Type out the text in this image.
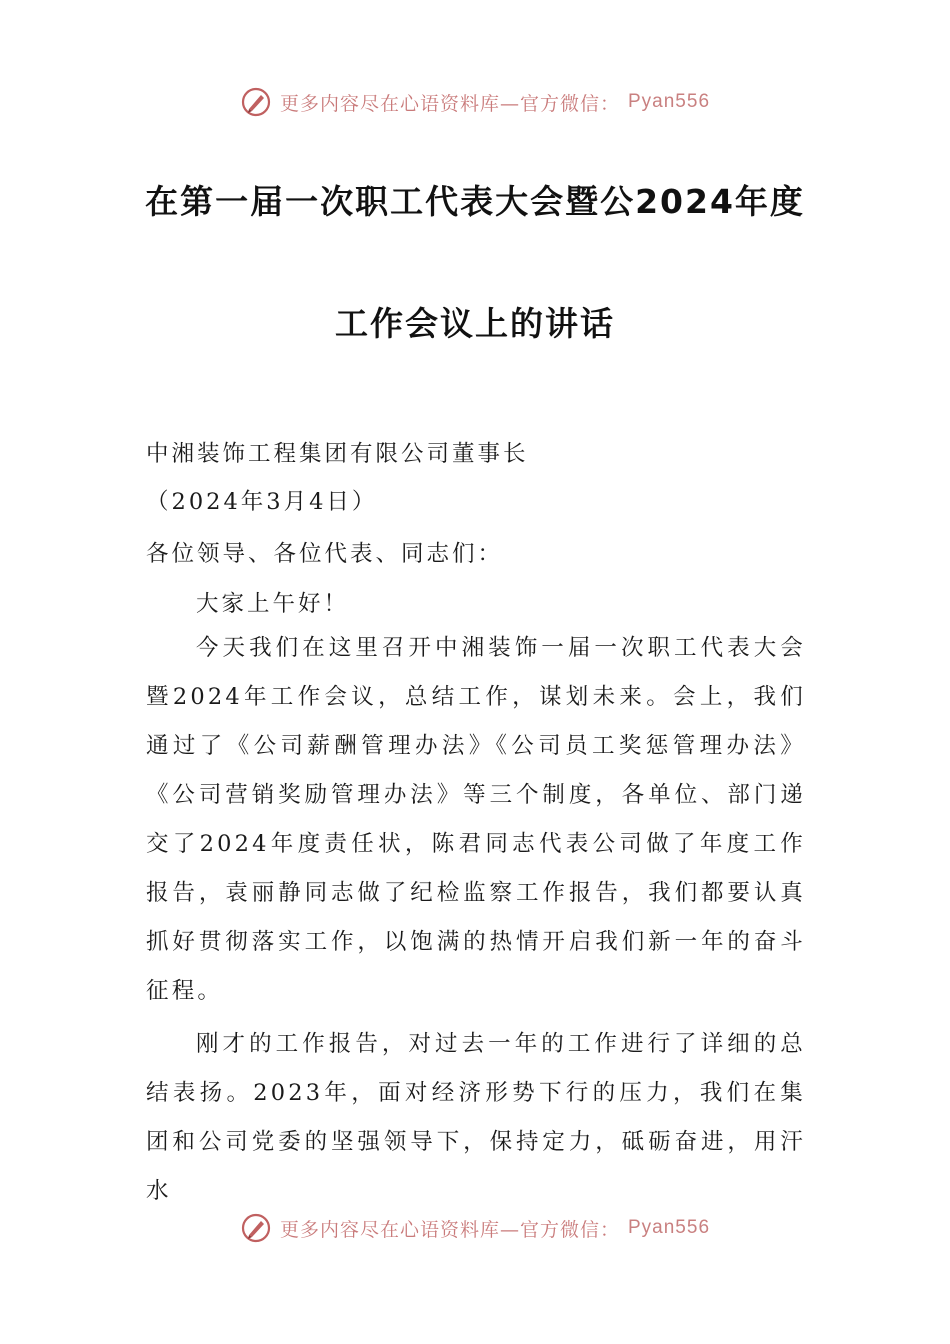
更多内容尽在心语资料库—官方微信： Pyan556
在第一届一次职工代表大会暨公2024年度
工作会议上的讲话
中湘装饰工程集团有限公司董事长
（2024年3月4日）
各位领导、各位代表、同志们：
大家上午好！

今天我们在这里召开中湘装饰一届一次职工代表大会暨2024年工作会议，总结工作，谋划未来。会上，我们通过了《公司薪酬管理办法》《公司员工奖惩管理办法》《公司营销奖励管理办法》等三个制度，各单位、部门递交了2024年度责任状，陈君同志代表公司做了年度工作报告，袁丽静同志做了纪检监察工作报告，我们都要认真抓好贯彻落实工作，以饱满的热情开启我们新一年的奋斗征程。

刚才的工作报告，对过去一年的工作进行了详细的总结表扬。2023年，面对经济形势下行的压力，我们在集团和公司党委的坚强领导下，保持定力，砥砺奋进，用汗水

更多内容尽在心语资料库—官方微信： Pyan556
